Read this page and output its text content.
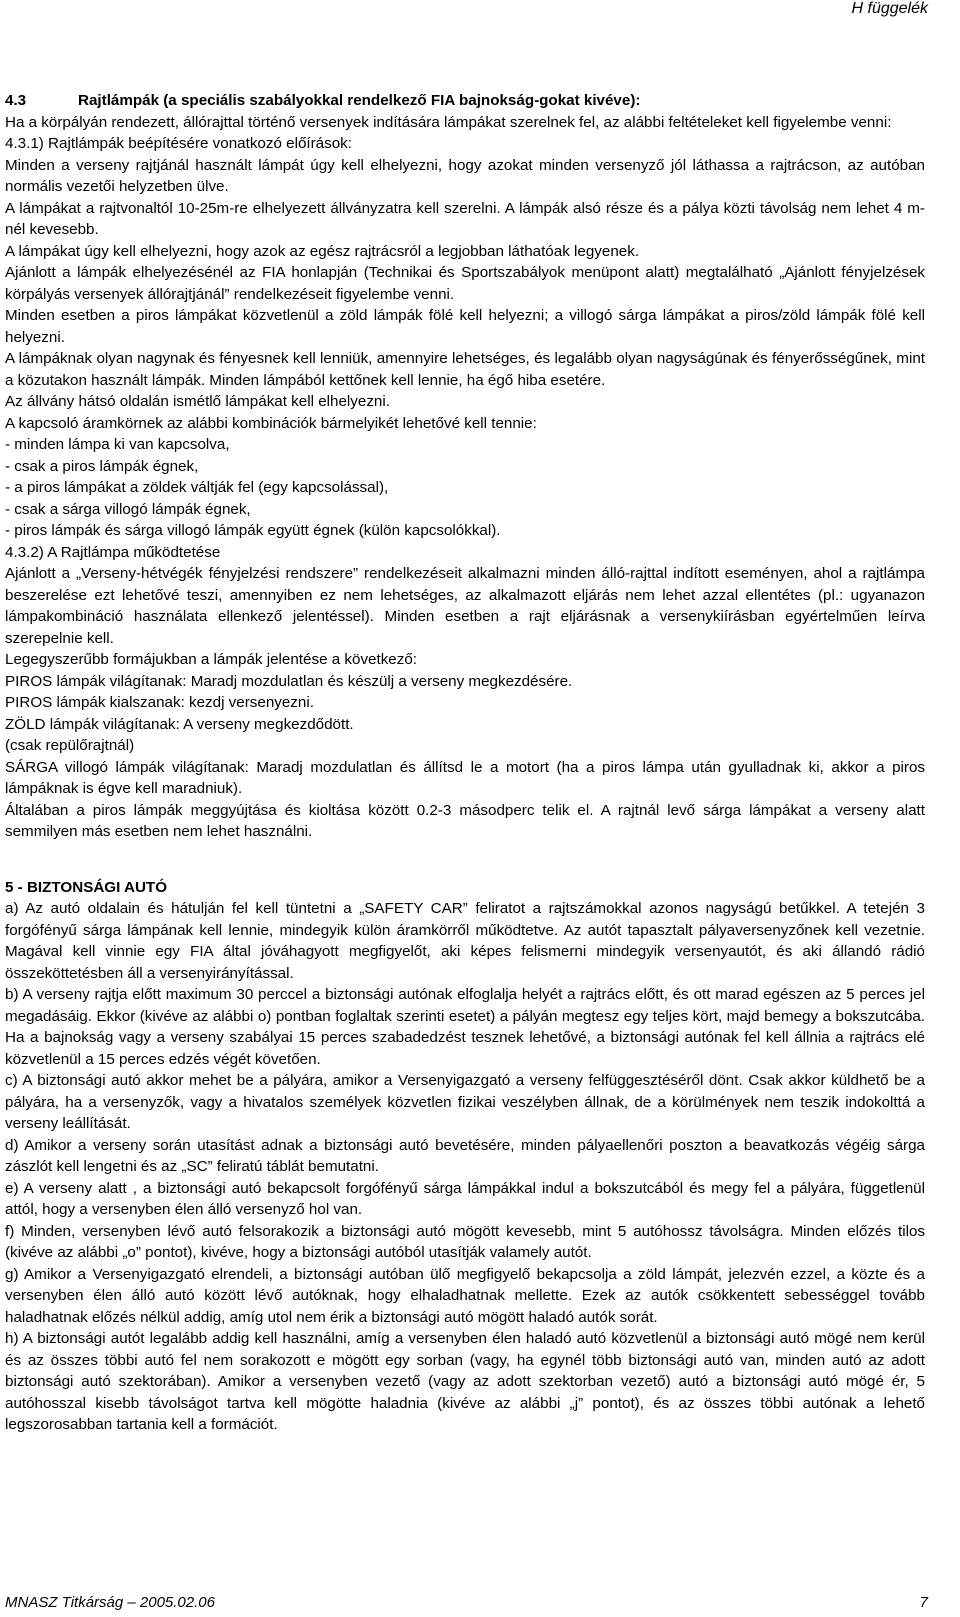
H függelék

4.3	Rajtlámpák (a speciális szabályokkal rendelkező FIA bajnokság-gokat kivéve):

Ha a körpályán rendezett, állórajttal történő versenyek indítására lámpákat szerelnek fel, az alábbi feltételeket kell figyelembe venni:

4.3.1) Rajtlámpák beépítésére vonatkozó előírások:

Minden a verseny rajtjánál használt lámpát úgy kell elhelyezni, hogy azokat minden versenyző jól láthassa a rajtrácson, az autóban normális vezetői helyzetben ülve.

A lámpákat a rajtvonaltól 10-25m-re elhelyezett állványzatra kell szerelni. A lámpák alsó része és a pálya közti távolság nem lehet 4 m-nél kevesebb.

A lámpákat úgy kell elhelyezni, hogy azok az egész rajtrácsról a legjobban láthatóak legyenek.

Ajánlott a lámpák elhelyezésénél az FIA honlapján (Technikai és Sportszabályok menüpont alatt) megtalálható „Ajánlott fényjelzések körpályás versenyek állórajtjánál” rendelkezéseit figyelembe venni.

Minden esetben a piros lámpákat közvetlenül a zöld lámpák fölé kell helyezni; a villogó sárga lámpákat a piros/zöld lámpák fölé kell helyezni.

A lámpáknak olyan nagynak és fényesnek kell lenniük, amennyire lehetséges, és legalább olyan nagyságúnak és fényerősségűnek, mint a közutakon használt lámpák. Minden lámpából kettőnek kell lennie, ha égő hiba esetére.

Az állvány hátsó oldalán ismétlő lámpákat kell elhelyezni.

A kapcsoló áramkörnek az alábbi kombinációk bármelyikét lehetővé kell tennie:

- minden lámpa ki van kapcsolva,

- csak a piros lámpák égnek,

- a piros lámpákat a zöldek váltják fel (egy kapcsolással),

- csak a sárga villogó lámpák égnek,

- piros lámpák és sárga villogó lámpák együtt égnek (külön kapcsolókkal).

4.3.2) A Rajtlámpa működtetése

Ajánlott a „Verseny-hétvégék fényjelzési rendszere” rendelkezéseit alkalmazni minden álló-rajttal indított eseményen, ahol a rajtlámpa beszerelése ezt lehetővé teszi, amennyiben ez nem lehetséges, az alkalmazott eljárás nem lehet azzal ellentétes (pl.: ugyanazon lámpakombináció használata ellenkező jelentéssel). Minden esetben a rajt eljárásnak a versenykiírásban egyértelműen leírva szerepelnie kell.

Legegyszerűbb formájukban a lámpák jelentése a következő:

PIROS lámpák világítanak: Maradj mozdulatlan és készülj a verseny megkezdésére.

PIROS lámpák kialszanak: kezdj versenyezni.

ZÖLD lámpák világítanak: A verseny megkezdődött.

(csak repülőrajtnál)

SÁRGA villogó lámpák világítanak: Maradj mozdulatlan és állítsd le a motort (ha a piros lámpa után gyulladnak ki, akkor a piros lámpáknak is égve kell maradniuk).

Általában a piros lámpák meggyújtása és kioltása között 0.2-3 másodperc telik el. A rajtnál levő sárga lámpákat a verseny alatt semmilyen más esetben nem lehet használni.

5 - BIZTONSÁGI AUTÓ

a) Az autó oldalain és hátulján fel kell tüntetni a „SAFETY CAR” feliratot a rajtszámokkal azonos nagyságú betűkkel. A tetején 3 forgófényű sárga lámpának kell lennie, mindegyik külön áramkörről működtetve. Az autót tapasztalt pályaversenyzőnek kell vezetnie. Magával kell vinnie egy FIA által jóváhagyott megfigyelőt, aki képes felismerni mindegyik versenyautót, és aki állandó rádió összeköttetésben áll a versenyirányítással.

b) A verseny rajtja előtt maximum 30 perccel a biztonsági autónak elfoglalja helyét a rajtrács előtt, és ott marad egészen az 5 perces jel megadásáig. Ekkor (kivéve az alábbi o) pontban foglaltak szerinti esetet) a pályán megtesz egy teljes kört, majd bemegy a bokszutcába. Ha a bajnokság vagy a verseny szabályai 15 perces szabadedzést tesznek lehetővé, a biztonsági autónak fel kell állnia a rajtrács elé közvetlenül a 15 perces edzés végét követően.

c) A biztonsági autó akkor mehet be a pályára, amikor a Versenyigazgató a verseny felfüggesztéséről dönt. Csak akkor küldhető be a pályára, ha a versenyzők, vagy a hivatalos személyek közvetlen fizikai veszélyben állnak, de a körülmények nem teszik indokolttá a verseny leállítását.

d) Amikor a verseny során utasítást adnak a biztonsági autó bevetésére, minden pályaellenőri poszton a beavatkozás végéig sárga zászlót kell lengetni és az „SC” feliratú táblát bemutatni.

e) A verseny alatt , a biztonsági autó bekapcsolt forgófényű sárga lámpákkal indul a bokszutcából és megy fel a pályára, függetlenül attól, hogy a versenyben élen álló versenyző hol van.

f) Minden, versenyben lévő autó felsorakozik a biztonsági autó mögött kevesebb, mint 5 autóhossz távolságra. Minden előzés tilos (kivéve az alábbi „o” pontot), kivéve, hogy a biztonsági autóból utasítják valamely autót.

g) Amikor a Versenyigazgató elrendeli, a biztonsági autóban ülő megfigyelő bekapcsolja a zöld lámpát, jelezvén ezzel, a közte és a versenyben élen álló autó között lévő autóknak, hogy elhaladhatnak mellette. Ezek az autók csökkentett sebességgel tovább haladhatnak előzés nélkül addig, amíg utol nem érik a biztonsági autó mögött haladó autók sorát.

h) A biztonsági autót legalább addig kell használni, amíg a versenyben élen haladó autó közvetlenül a biztonsági autó mögé nem kerül és az összes többi autó fel nem sorakozott e mögött egy sorban (vagy, ha egynél több biztonsági autó van, minden autó az adott biztonsági autó szektorában). Amikor a versenyben vezető (vagy az adott szektorban vezető) autó a biztonsági autó mögé ér, 5 autóhosszal kisebb távolságot tartva kell mögötte haladnia (kivéve az alábbi „j” pontot), és az összes többi autónak a lehető legszorosabban tartania kell a formációt.

MNASZ Titkárság – 2005.02.06	7
